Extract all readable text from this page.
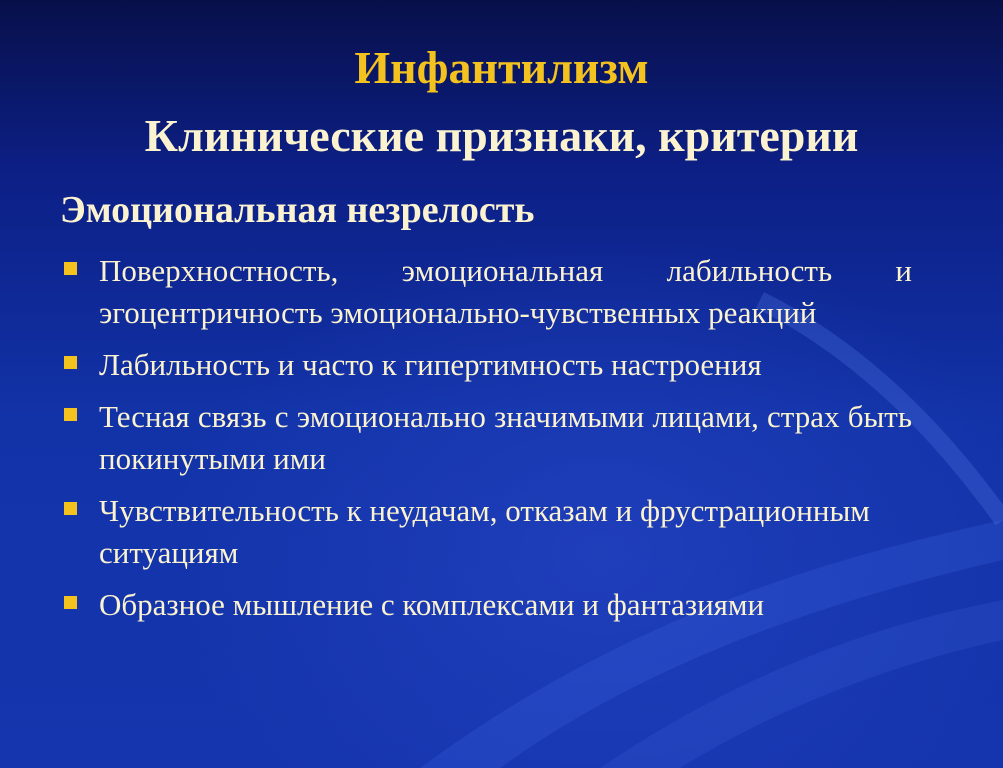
Инфантилизм
Клинические признаки, критерии
Эмоциональная незрелость
Поверхностность, эмоциональная лабильность и эгоцентричность эмоционально-чувственных реакций
Лабильность и часто к гипертимность настроения
Тесная связь с эмоционально значимыми лицами, страх быть покинутыми ими
Чувствительность к неудачам, отказам и фрустрационным ситуациям
Образное мышление с комплексами и фантазиями
